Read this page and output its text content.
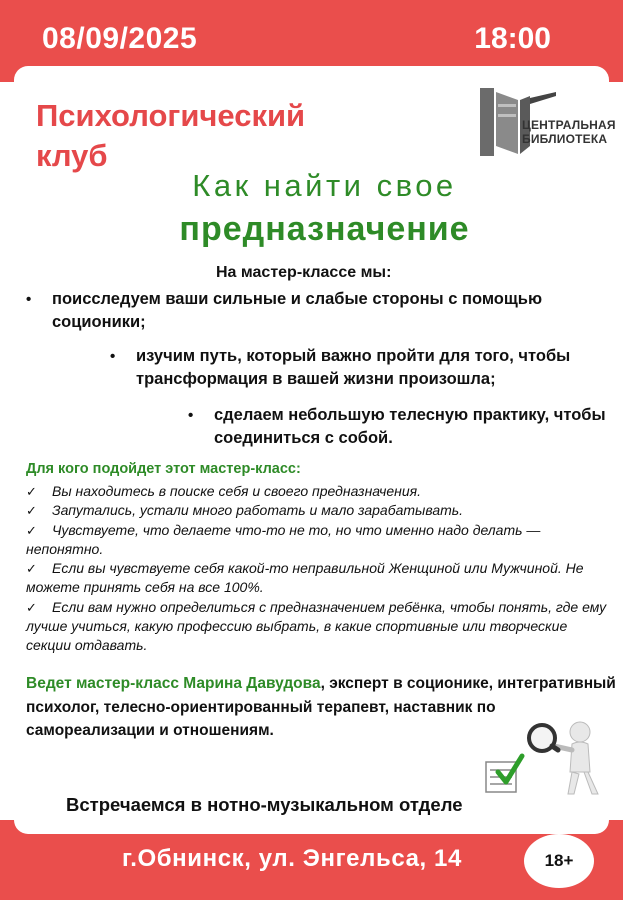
08/09/2025	18:00
Психологический клуб
ЦЕНТРАЛЬНАЯ
БИБЛИОТЕКА
Как найти свое
предназначение
На мастер-классе мы:
• поисследуем ваши сильные и слабые стороны с помощью соционики;
• изучим путь, который важно пройти для того, чтобы трансформация в вашей жизни произошла;
• сделаем небольшую телесную практику, чтобы соединиться с собой.
Для кого подойдет этот мастер-класс:
✓ Вы находитесь в поиске себя и своего предназначения.
✓ Запутались, устали много работать и мало зарабатывать.
✓ Чувствуете, что делаете что-то не то, но что именно надо делать — непонятно.
✓ Если вы чувствуете себя какой-то неправильной Женщиной или Мужчиной. Не можете принять себя на все 100%.
✓ Если вам нужно определиться с предназначением ребёнка, чтобы понять, где ему лучше учиться, какую профессию выбрать, в какие спортивные или творческие секции отдавать.
Ведет мастер-класс Марина Давудова, эксперт в соционике, интегративный психолог, телесно-ориентированный терапевт, наставник по самореализации и отношениям.
Встречаемся в нотно-музыкальном отделе
г.Обнинск, ул. Энгельса, 14	18+
